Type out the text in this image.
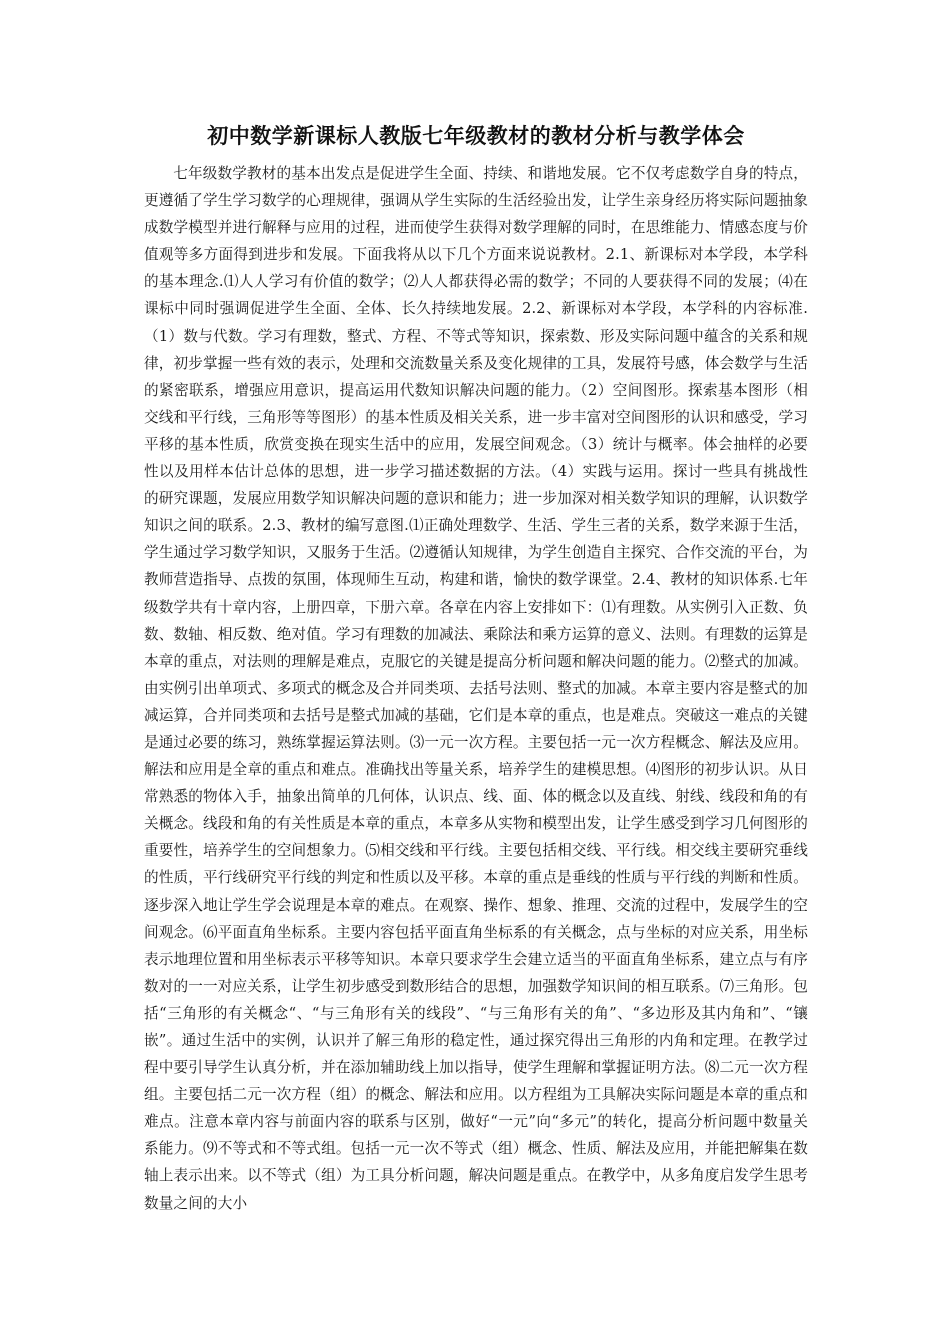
初中数学新课标人教版七年级教材的教材分析与教学体会

七年级数学教材的基本出发点是促进学生全面、持续、和谐地发展。它不仅考虑数学自身的特点，更遵循了学生学习数学的心理规律，强调从学生实际的生活经验出发，让学生亲身经历将实际问题抽象成数学模型并进行解释与应用的过程，进而使学生获得对数学理解的同时，在思维能力、情感态度与价值观等多方面得到进步和发展。下面我将从以下几个方面来说说教材。2.1、新课标对本学段，本学科的基本理念.⑴人人学习有价值的数学；⑵人人都获得必需的数学；不同的人要获得不同的发展；⑷在课标中同时强调促进学生全面、全体、长久持续地发展。2.2、新课标对本学段，本学科的内容标准.（1）数与代数。学习有理数，整式、方程、不等式等知识，探索数、形及实际问题中蕴含的关系和规律，初步掌握一些有效的表示，处理和交流数量关系及变化规律的工具，发展符号感，体会数学与生活的紧密联系，增强应用意识，提高运用代数知识解决问题的能力。（2）空间图形。探索基本图形（相交线和平行线，三角形等等图形）的基本性质及相关关系，进一步丰富对空间图形的认识和感受，学习平移的基本性质，欣赏变换在现实生活中的应用，发展空间观念。（3）统计与概率。体会抽样的必要性以及用样本估计总体的思想，进一步学习描述数据的方法。（4）实践与运用。探讨一些具有挑战性的研究课题，发展应用数学知识解决问题的意识和能力；进一步加深对相关数学知识的理解，认识数学知识之间的联系。2.3、教材的编写意图.⑴正确处理数学、生活、学生三者的关系，数学来源于生活，学生通过学习数学知识，又服务于生活。⑵遵循认知规律，为学生创造自主探究、合作交流的平台，为教师营造指导、点拨的氛围，体现师生互动，构建和谐，愉快的数学课堂。2.4、教材的知识体系.七年级数学共有十章内容，上册四章，下册六章。各章在内容上安排如下：⑴有理数。从实例引入正数、负数、数轴、相反数、绝对值。学习有理数的加减法、乘除法和乘方运算的意义、法则。有理数的运算是本章的重点，对法则的理解是难点，克服它的关键是提高分析问题和解决问题的能力。⑵整式的加减。由实例引出单项式、多项式的概念及合并同类项、去括号法则、整式的加减。本章主要内容是整式的加减运算，合并同类项和去括号是整式加减的基础，它们是本章的重点，也是难点。突破这一难点的关键是通过必要的练习，熟练掌握运算法则。⑶一元一次方程。主要包括一元一次方程概念、解法及应用。解法和应用是全章的重点和难点。准确找出等量关系，培养学生的建模思想。⑷图形的初步认识。从日常熟悉的物体入手，抽象出简单的几何体，认识点、线、面、体的概念以及直线、射线、线段和角的有关概念。线段和角的有关性质是本章的重点，本章多从实物和模型出发，让学生感受到学习几何图形的重要性，培养学生的空间想象力。⑸相交线和平行线。主要包括相交线、平行线。相交线主要研究垂线的性质，平行线研究平行线的判定和性质以及平移。本章的重点是垂线的性质与平行线的判断和性质。逐步深入地让学生学会说理是本章的难点。在观察、操作、想象、推理、交流的过程中，发展学生的空间观念。⑹平面直角坐标系。主要内容包括平面直角坐标系的有关概念，点与坐标的对应关系，用坐标表示地理位置和用坐标表示平移等知识。本章只要求学生会建立适当的平面直角坐标系，建立点与有序数对的一一对应关系，让学生初步感受到数形结合的思想，加强数学知识间的相互联系。⑺三角形。包括“三角形的有关概念“、“与三角形有关的线段”、“与三角形有关的角”、“多边形及其内角和”、“镶嵌”。通过生活中的实例，认识并了解三角形的稳定性，通过探究得出三角形的内角和定理。在教学过程中要引导学生认真分析，并在添加辅助线上加以指导，使学生理解和掌握证明方法。⑻二元一次方程组。主要包括二元一次方程（组）的概念、解法和应用。以方程组为工具解决实际问题是本章的重点和难点。注意本章内容与前面内容的联系与区别，做好“一元”向“多元”的转化，提高分析问题中数量关系能力。⑼不等式和不等式组。包括一元一次不等式（组）概念、性质、解法及应用，并能把解集在数轴上表示出来。以不等式（组）为工具分析问题，解决问题是重点。在教学中，从多角度启发学生思考数量之间的大小
